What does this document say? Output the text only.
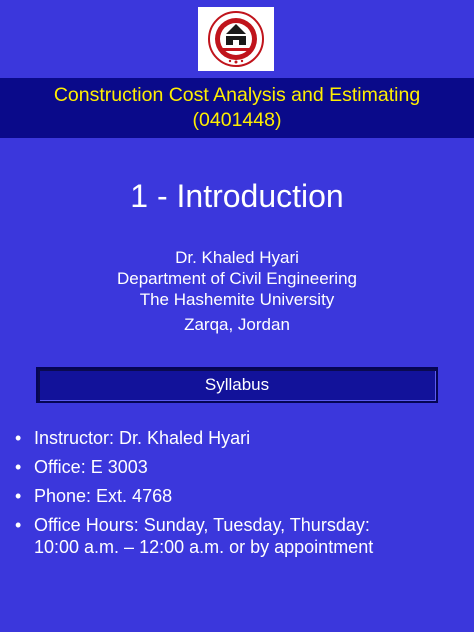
Construction Cost Analysis and Estimating
(0401448)
1 - Introduction
Dr. Khaled Hyari
Department of Civil Engineering
The Hashemite University
Zarqa, Jordan
Syllabus
• Instructor: Dr. Khaled Hyari
• Office: E 3003
• Phone: Ext. 4768
• Office Hours: Sunday, Tuesday, Thursday:
10:00 a.m. – 12:00 a.m. or by appointment
